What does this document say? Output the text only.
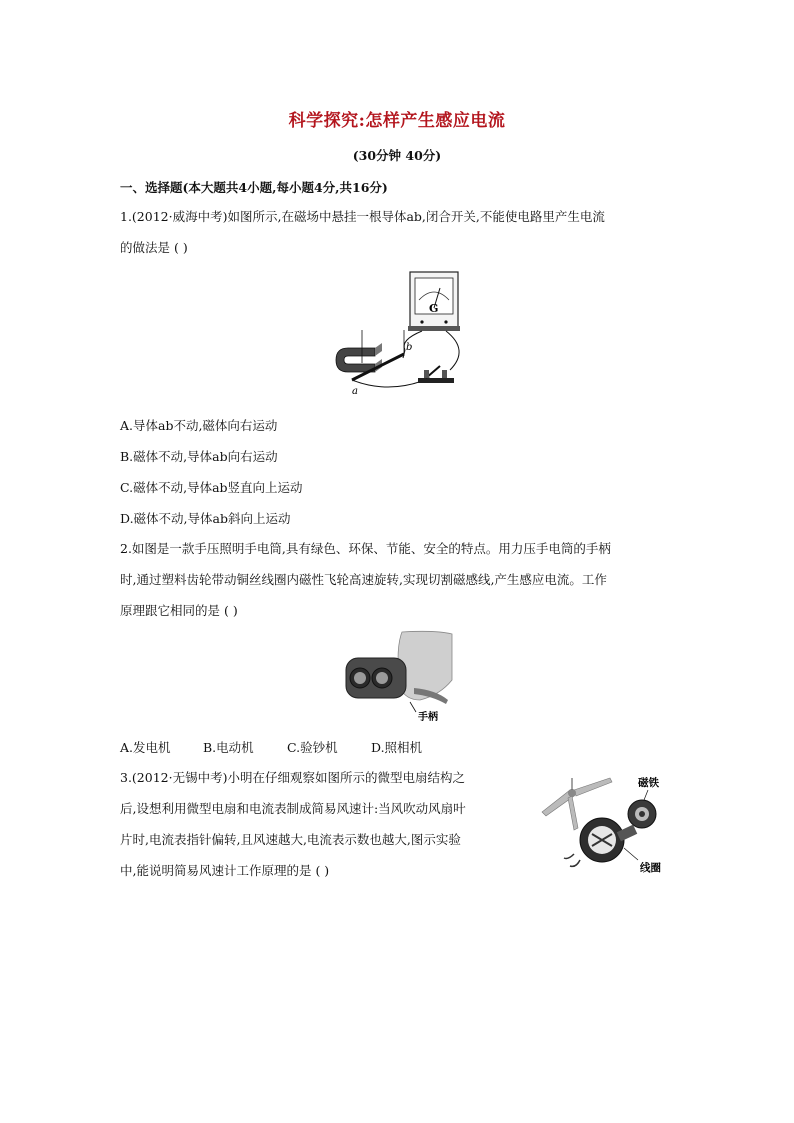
科学探究:怎样产生感应电流
(30分钟 40分)
一、选择题(本大题共4小题,每小题4分,共16分)
1.(2012·威海中考)如图所示,在磁场中悬挂一根导体ab,闭合开关,不能使电路里产生电流
的做法是 ( )
G
a
b
A.导体ab不动,磁体向右运动
B.磁体不动,导体ab向右运动
C.磁体不动,导体ab竖直向上运动
D.磁体不动,导体ab斜向上运动
2.如图是一款手压照明手电筒,具有绿色、环保、节能、安全的特点。用力压手电筒的手柄
时,通过塑料齿轮带动铜丝线圈内磁性飞轮高速旋转,实现切割磁感线,产生感应电流。工作
原理跟它相同的是 ( )
手柄
A.发电机	B.电动机	C.验钞机	D.照相机
3.(2012·无锡中考)小明在仔细观察如图所示的微型电扇结构之
后,设想利用微型电扇和电流表制成简易风速计:当风吹动风扇叶
片时,电流表指针偏转,且风速越大,电流表示数也越大,图示实验
中,能说明简易风速计工作原理的是 ( )
磁铁
线圈
